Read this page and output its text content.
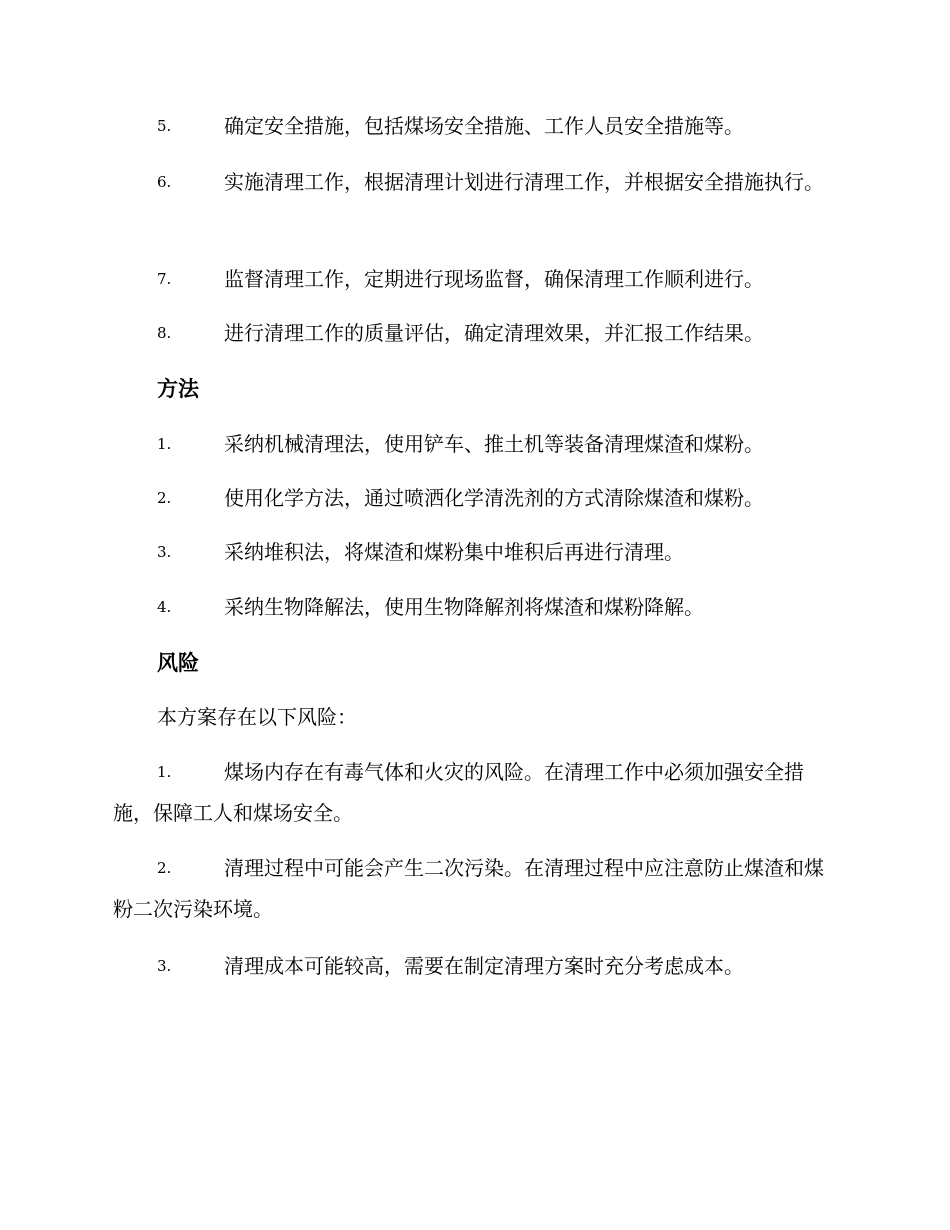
5.	确定安全措施，包括煤场安全措施、工作人员安全措施等。
6.	实施清理工作，根据清理计划进行清理工作，并根据安全措施执行。
7.	监督清理工作，定期进行现场监督，确保清理工作顺利进行。
8.	进行清理工作的质量评估，确定清理效果，并汇报工作结果。
方法
1.	采纳机械清理法，使用铲车、推土机等装备清理煤渣和煤粉。
2.	使用化学方法，通过喷洒化学清洗剂的方式清除煤渣和煤粉。
3.	采纳堆积法，将煤渣和煤粉集中堆积后再进行清理。
4.	采纳生物降解法，使用生物降解剂将煤渣和煤粉降解。
风险

本方案存在以下风险：

1.	煤场内存在有毒气体和火灾的风险。在清理工作中必须加强安全措施，保障工人和煤场安全。
2.	清理过程中可能会产生二次污染。在清理过程中应注意防止煤渣和煤粉二次污染环境。
3.	清理成本可能较高，需要在制定清理方案时充分考虑成本。
